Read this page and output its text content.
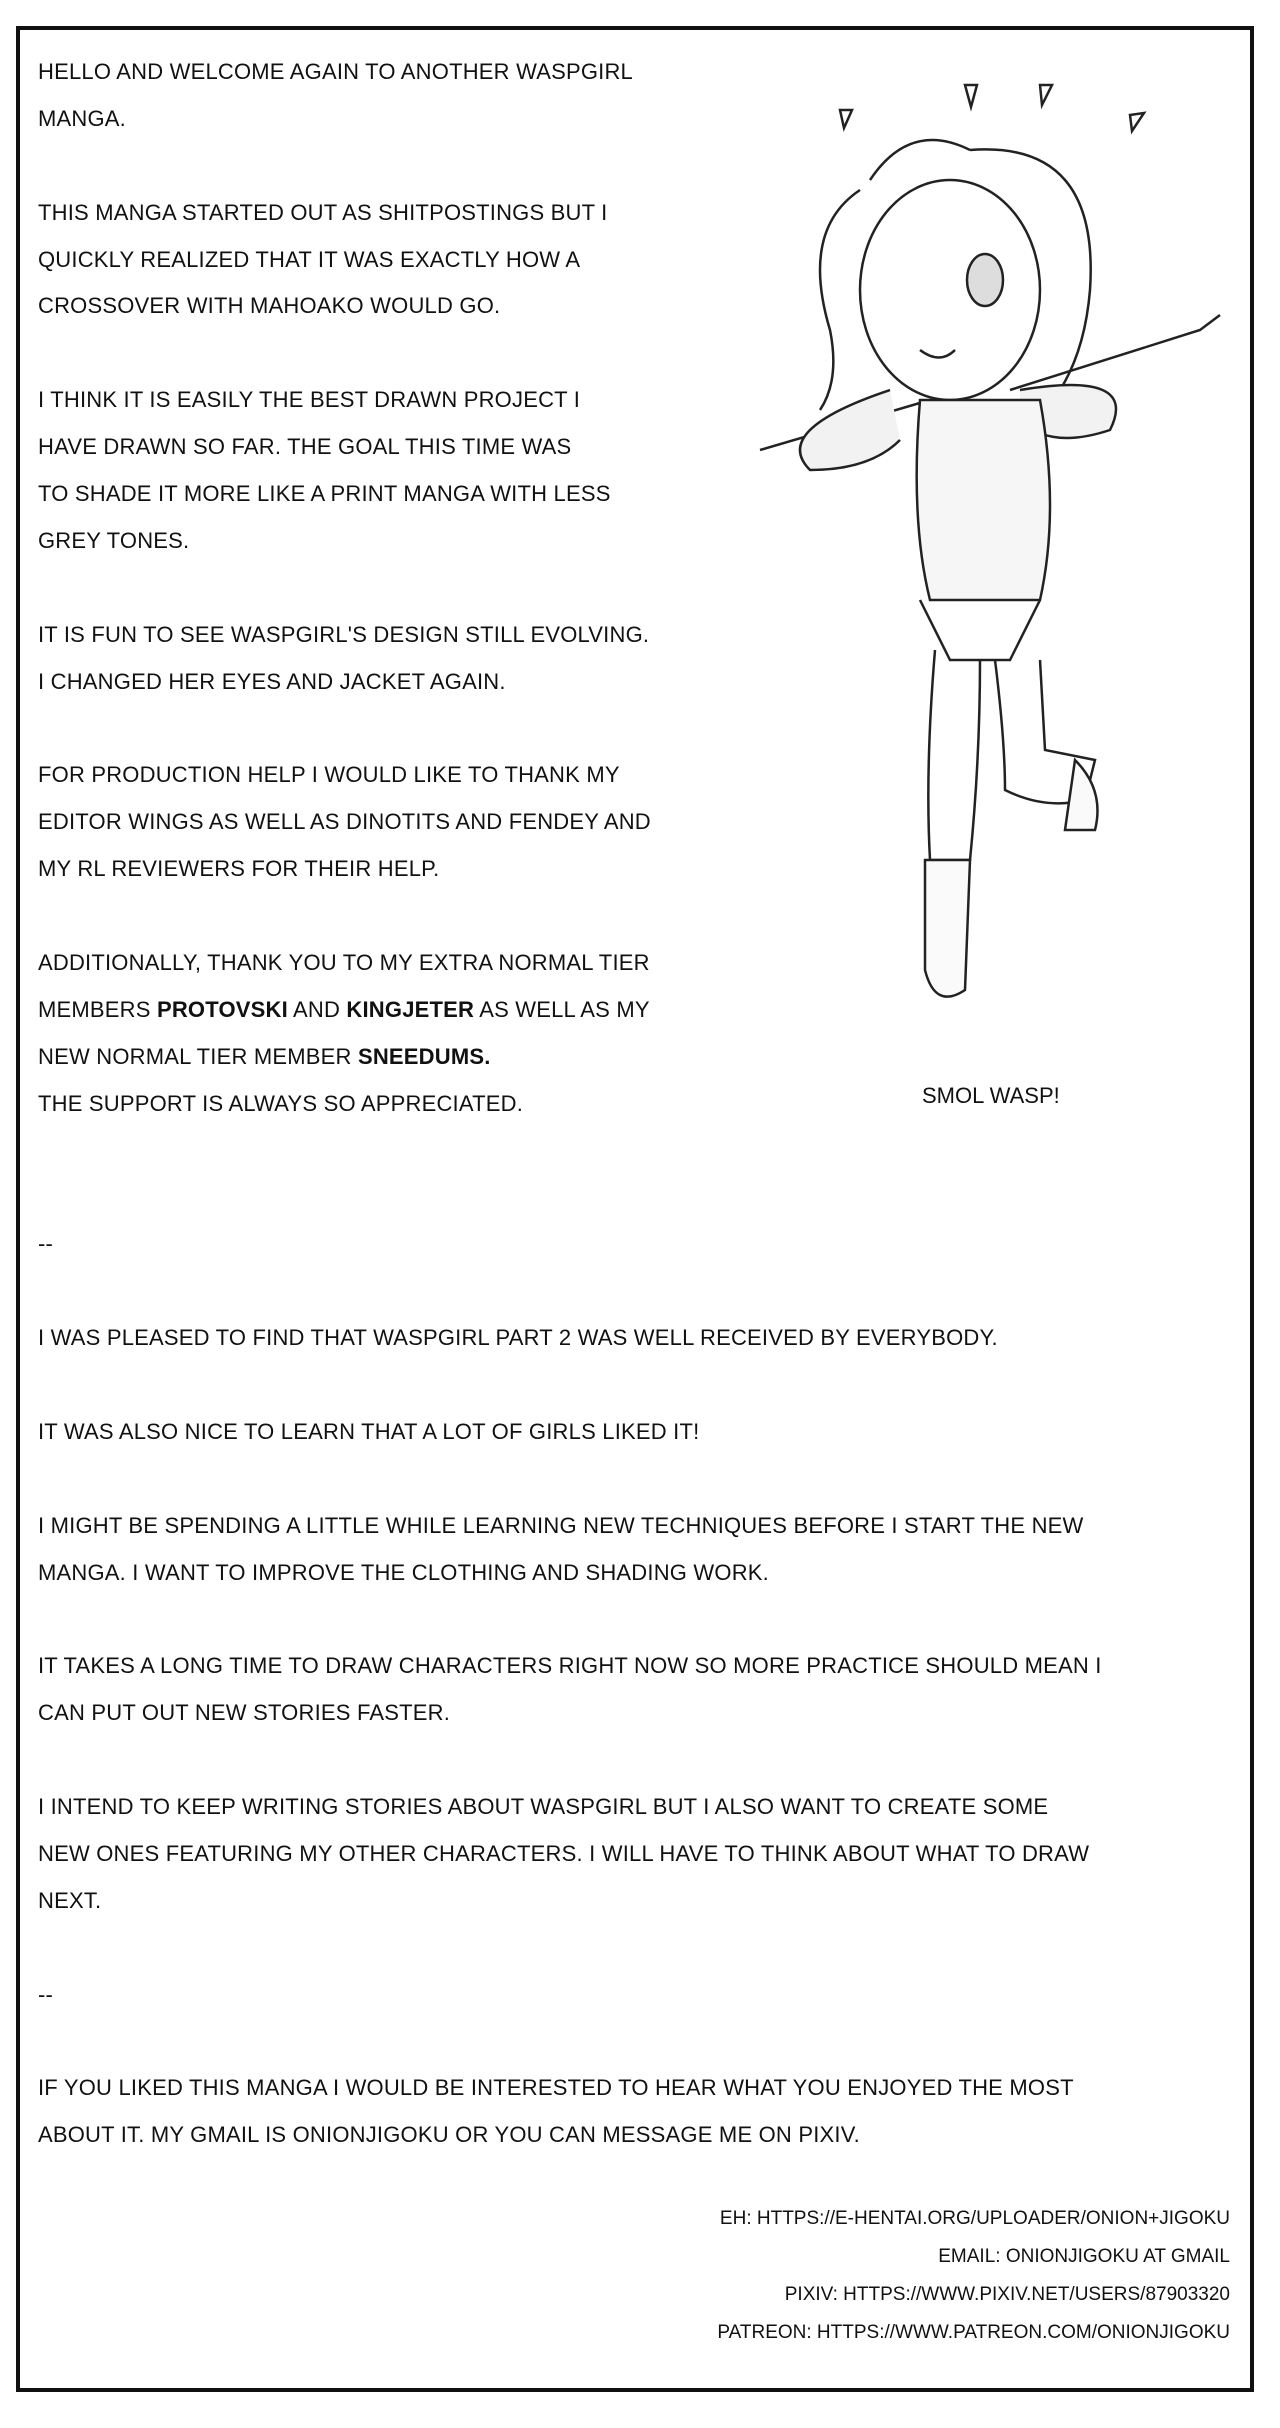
HELLO AND WELCOME AGAIN TO ANOTHER WASPGIRL
MANGA.
THIS MANGA STARTED OUT AS SHITPOSTINGS BUT I
QUICKLY REALIZED THAT IT WAS EXACTLY HOW A
CROSSOVER WITH MAHOAKO WOULD GO.
I THINK IT IS EASILY THE BEST DRAWN PROJECT I
HAVE DRAWN SO FAR. THE GOAL THIS TIME WAS
TO SHADE IT MORE LIKE A PRINT MANGA WITH LESS
GREY TONES.
IT IS FUN TO SEE WASPGIRL'S DESIGN STILL EVOLVING.
I CHANGED HER EYES AND JACKET AGAIN.
FOR PRODUCTION HELP I WOULD LIKE TO THANK MY
EDITOR WINGS AS WELL AS DINOTITS AND FENDEY AND
MY RL REVIEWERS FOR THEIR HELP.
ADDITIONALLY, THANK YOU TO MY EXTRA NORMAL TIER
MEMBERS PROTOVSKI AND KINGJETER AS WELL AS MY
NEW NORMAL TIER MEMBER SNEEDUMS.
THE SUPPORT IS ALWAYS SO APPRECIATED.
--
I WAS PLEASED TO FIND THAT WASPGIRL PART 2 WAS WELL RECEIVED BY EVERYBODY.
IT WAS ALSO NICE TO LEARN THAT A LOT OF GIRLS LIKED IT!
I MIGHT BE SPENDING A LITTLE WHILE LEARNING NEW TECHNIQUES BEFORE I START THE NEW
MANGA. I WANT TO IMPROVE THE CLOTHING AND SHADING WORK.
IT TAKES A LONG TIME TO DRAW CHARACTERS RIGHT NOW SO MORE PRACTICE SHOULD MEAN I
CAN PUT OUT NEW STORIES FASTER.
I INTEND TO KEEP WRITING STORIES ABOUT WASPGIRL BUT I ALSO WANT TO CREATE SOME
NEW ONES FEATURING MY OTHER CHARACTERS. I WILL HAVE TO THINK ABOUT WHAT TO DRAW
NEXT.
--
IF YOU LIKED THIS MANGA I WOULD BE INTERESTED TO HEAR WHAT YOU ENJOYED THE MOST
ABOUT IT. MY GMAIL IS ONIONJIGOKU OR YOU CAN MESSAGE ME ON PIXIV.
SMOL WASP!
EH: HTTPS://E-HENTAI.ORG/UPLOADER/ONION+JIGOKU
EMAIL: ONIONJIGOKU AT GMAIL
PIXIV: HTTPS://WWW.PIXIV.NET/USERS/87903320
PATREON: HTTPS://WWW.PATREON.COM/ONIONJIGOKU
